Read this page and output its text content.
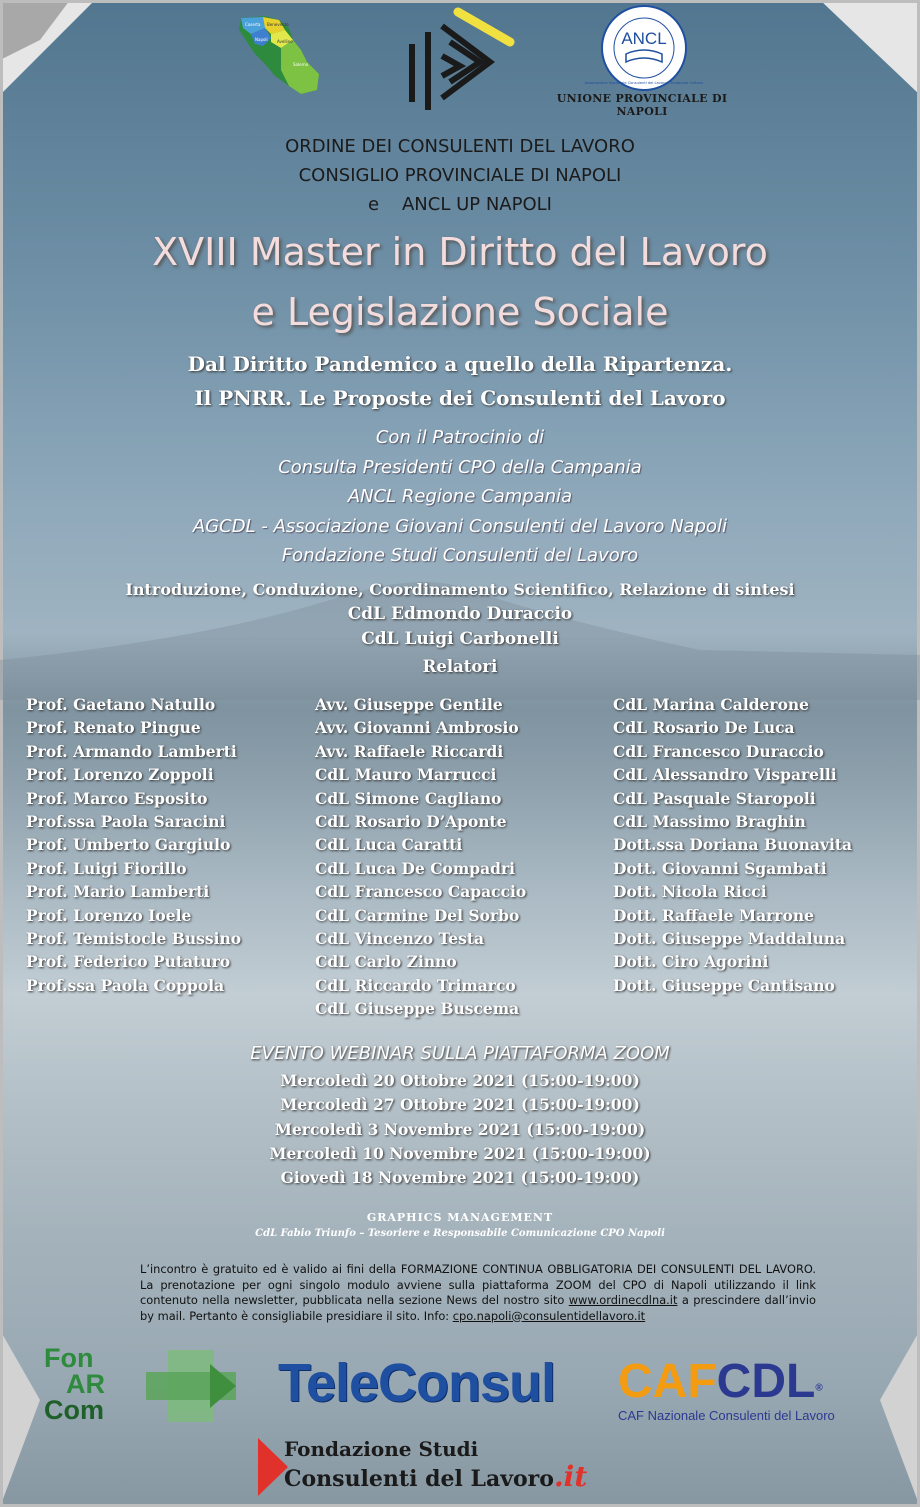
Caserta Benevento
Napoli Avellino
Salerno
ANCL
Associazione Nazionale Consulenti del Lavoro - Sindacato Unitario
UNIONE PROVINCIALE DI NAPOLI
ORDINE DEI CONSULENTI DEL LAVORO
CONSIGLIO PROVINCIALE DI NAPOLI
e    ANCL UP NAPOLI
XVIII Master in Diritto del Lavoro
e Legislazione Sociale
Dal Diritto Pandemico a quello della Ripartenza.
Il PNRR. Le Proposte dei Consulenti del Lavoro
Con il Patrocinio di
Consulta Presidenti CPO della Campania
ANCL Regione Campania
AGCDL - Associazione Giovani Consulenti del Lavoro Napoli
Fondazione Studi Consulenti del Lavoro
Introduzione, Conduzione, Coordinamento Scientifico, Relazione di sintesi
CdL Edmondo Duraccio
CdL Luigi Carbonelli
Relatori
Prof. Gaetano Natullo
Prof. Renato Pingue
Prof. Armando Lamberti
Prof. Lorenzo Zoppoli
Prof. Marco Esposito
Prof.ssa Paola Saracini
Prof. Umberto Gargiulo
Prof. Luigi Fiorillo
Prof. Mario Lamberti
Prof. Lorenzo Ioele
Prof. Temistocle Bussino
Prof. Federico Putaturo
Prof.ssa Paola Coppola
Avv. Giuseppe Gentile
Avv. Giovanni Ambrosio
Avv. Raffaele Riccardi
CdL Mauro Marrucci
CdL Simone Cagliano
CdL Rosario D’Aponte
CdL Luca Caratti
CdL Luca De Compadri
CdL Francesco Capaccio
CdL Carmine Del Sorbo
CdL Vincenzo Testa
CdL Carlo Zinno
CdL Riccardo Trimarco
CdL Giuseppe Buscema
CdL Marina Calderone
CdL Rosario De Luca
CdL Francesco Duraccio
CdL Alessandro Visparelli
CdL Pasquale Staropoli
CdL Massimo Braghin
Dott.ssa Doriana Buonavita
Dott. Giovanni Sgambati
Dott. Nicola Ricci
Dott. Raffaele Marrone
Dott. Giuseppe Maddaluna
Dott. Ciro Agorini
Dott. Giuseppe Cantisano
EVENTO WEBINAR SULLA PIATTAFORMA ZOOM
Mercoledì 20 Ottobre 2021 (15:00-19:00)
Mercoledì 27 Ottobre 2021 (15:00-19:00)
Mercoledì 3 Novembre 2021 (15:00-19:00)
Mercoledì 10 Novembre 2021 (15:00-19:00)
Giovedì 18 Novembre 2021 (15:00-19:00)
GRAPHICS MANAGEMENT
CdL Fabio Triunfo – Tesoriere e Responsabile Comunicazione CPO Napoli
L’incontro è gratuito ed è valido ai fini della FORMAZIONE CONTINUA OBBLIGATORIA DEI CONSULENTI DEL LAVORO. La prenotazione per ogni singolo modulo avviene sulla piattaforma ZOOM del CPO di Napoli utilizzando il link contenuto nella newsletter, pubblicata nella sezione News del nostro sito www.ordinecdlna.it a prescindere dall’invio by mail. Pertanto è consigliabile presidiare il sito. Info: cpo.napoli@consulentidellavoro.it
Fon
AR
Com	TeleConsul CAFCDL®
CAF Nazionale Consulenti del Lavoro
Fondazione Studi
Consulenti del Lavoro.it
